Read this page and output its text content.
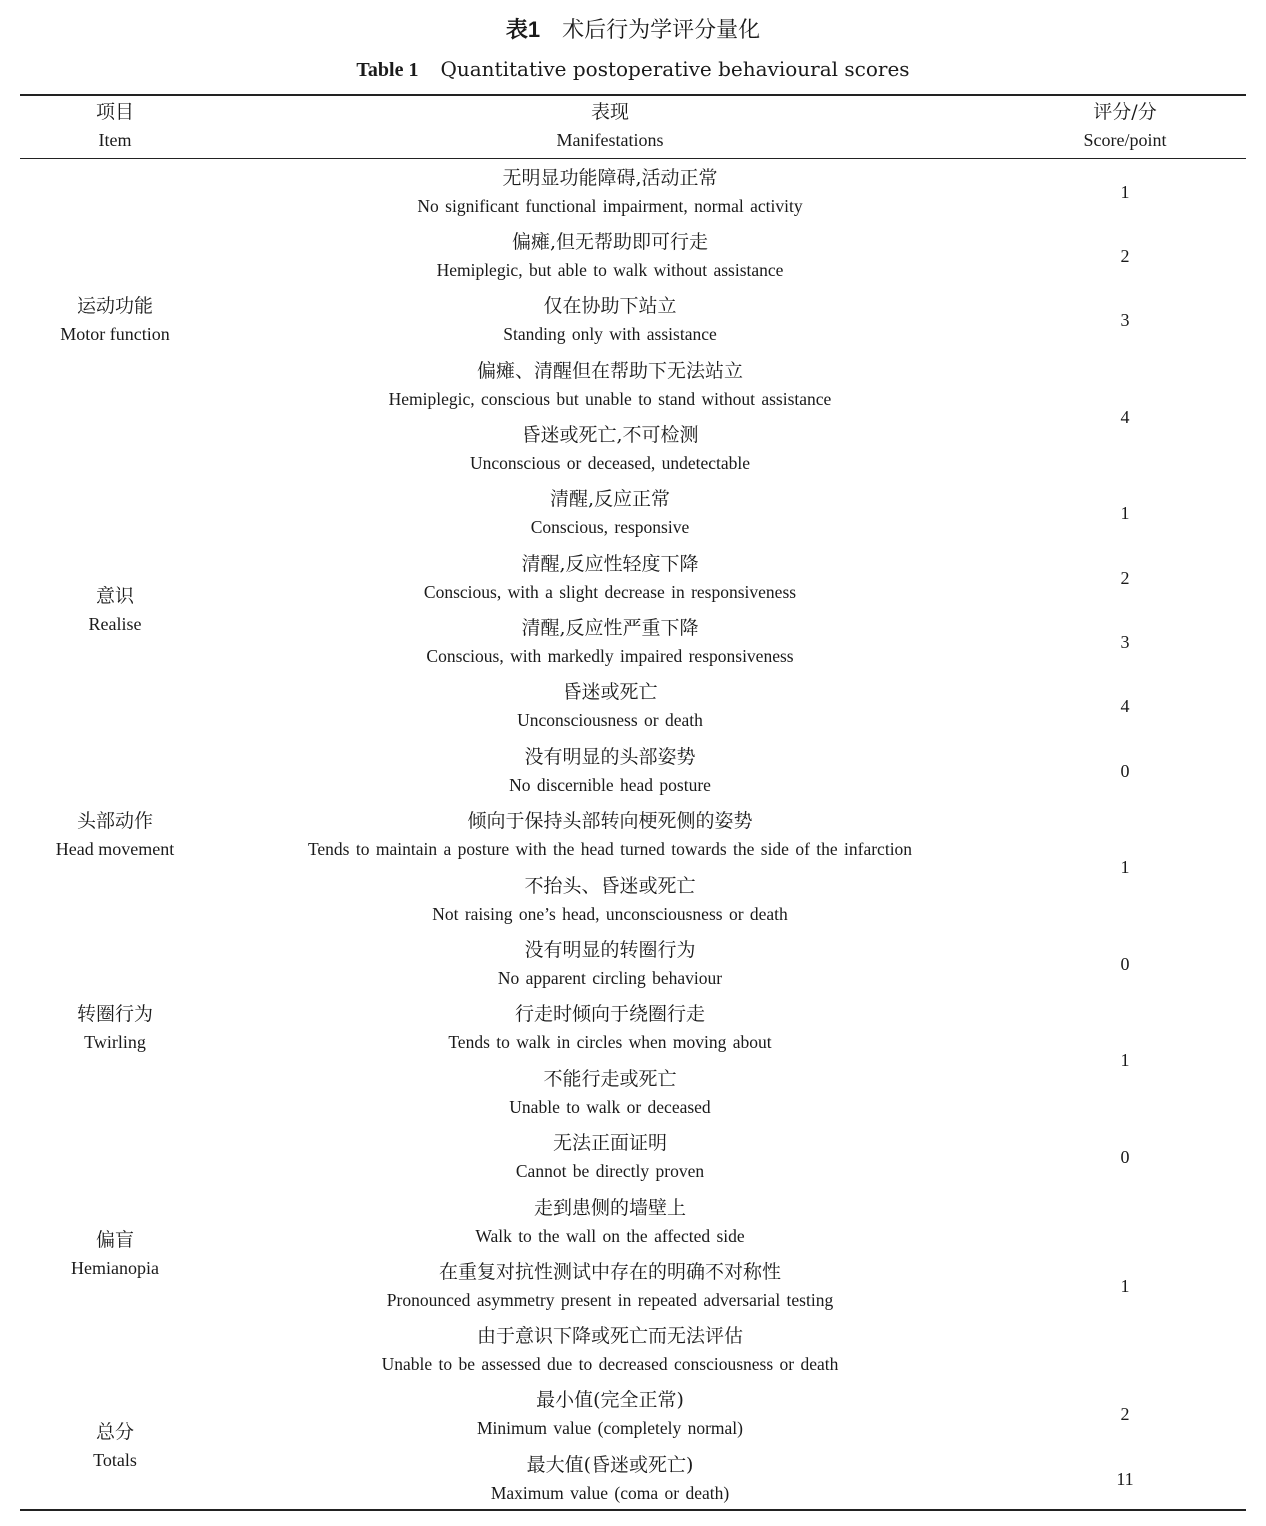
表1 术后行为学评分量化
Table 1 Quantitative postoperative behavioural scores
项目
Item
表现
Manifestations
评分/分
Score/point
运动功能
Motor function
意识
Realise
头部动作
Head movement
转圈行为
Twirling
偏盲
Hemianopia
总分
Totals
无明显功能障碍,活动正常
No significant functional impairment, normal activity
偏瘫,但无帮助即可行走
Hemiplegic, but able to walk without assistance
仅在协助下站立
Standing only with assistance
偏瘫、清醒但在帮助下无法站立
Hemiplegic, conscious but unable to stand without assistance
昏迷或死亡,不可检测
Unconscious or deceased, undetectable
清醒,反应正常
Conscious, responsive
清醒,反应性轻度下降
Conscious, with a slight decrease in responsiveness
清醒,反应性严重下降
Conscious, with markedly impaired responsiveness
昏迷或死亡
Unconsciousness or death
没有明显的头部姿势
No discernible head posture
倾向于保持头部转向梗死侧的姿势
Tends to maintain a posture with the head turned towards the side of the infarction
不抬头、昏迷或死亡
Not raising one’s head, unconsciousness or death
没有明显的转圈行为
No apparent circling behaviour
行走时倾向于绕圈行走
Tends to walk in circles when moving about
不能行走或死亡
Unable to walk or deceased
无法正面证明
Cannot be directly proven
走到患侧的墙壁上
Walk to the wall on the affected side
在重复对抗性测试中存在的明确不对称性
Pronounced asymmetry present in repeated adversarial testing
由于意识下降或死亡而无法评估
Unable to be assessed due to decreased consciousness or death
最小值(完全正常)
Minimum value (completely normal)
最大值(昏迷或死亡)
Maximum value (coma or death)
1
2
3
4
1
2
3
4
0
1
0
1
0
1
2
11
